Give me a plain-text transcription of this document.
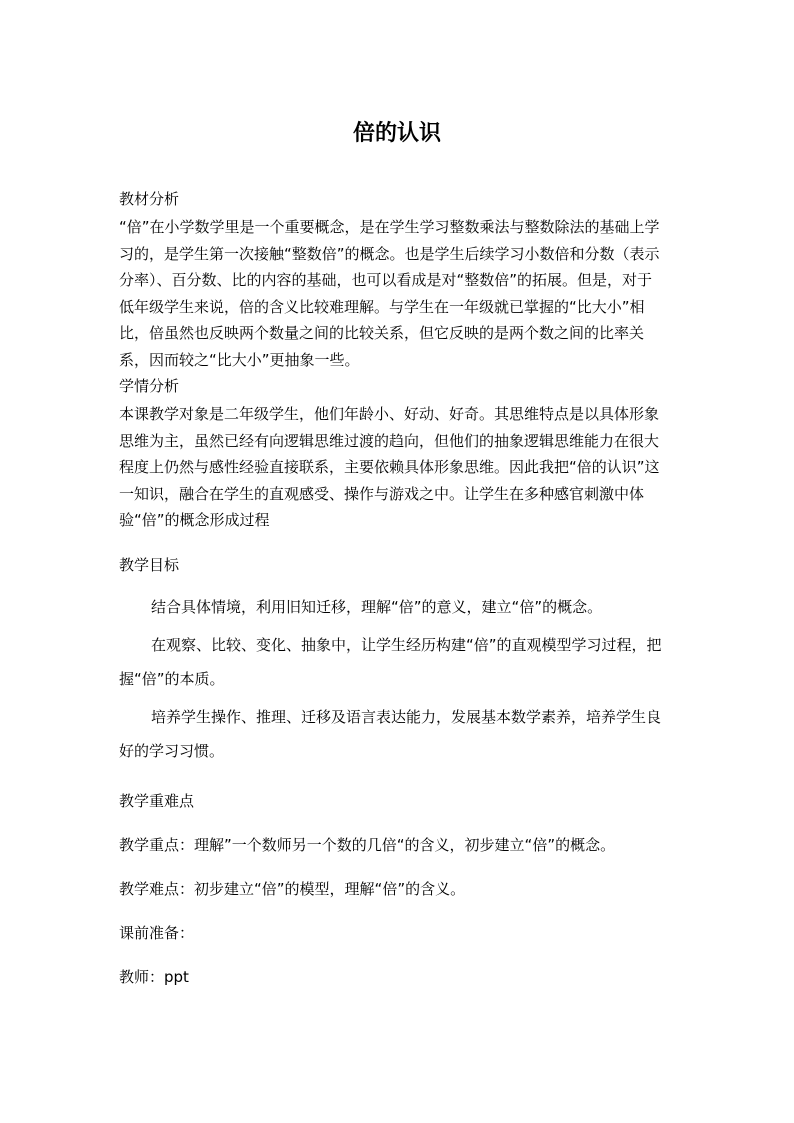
倍的认识
教材分析
“倍”在小学数学里是一个重要概念，是在学生学习整数乘法与整数除法的基础上学习的，是学生第一次接触“整数倍”的概念。也是学生后续学习小数倍和分数（表示分率）、百分数、比的内容的基础，也可以看成是对“整数倍”的拓展。但是，对于低年级学生来说，倍的含义比较难理解。与学生在一年级就已掌握的“比大小”相比，倍虽然也反映两个数量之间的比较关系，但它反映的是两个数之间的比率关系，因而较之“比大小”更抽象一些。
学情分析
本课教学对象是二年级学生，他们年龄小、好动、好奇。其思维特点是以具体形象思维为主，虽然已经有向逻辑思维过渡的趋向，但他们的抽象逻辑思维能力在很大程度上仍然与感性经验直接联系，主要依赖具体形象思维。因此我把“倍的认识”这一知识，融合在学生的直观感受、操作与游戏之中。让学生在多种感官刺激中体验“倍”的概念形成过程
教学目标

结合具体情境，利用旧知迁移，理解“倍”的意义，建立“倍”的概念。

在观察、比较、变化、抽象中，让学生经历构建“倍”的直观模型学习过程，把握“倍”的本质。

培养学生操作、推理、迁移及语言表达能力，发展基本数学素养，培养学生良好的学习习惯。

教学重难点
教学重点：理解”一个数师另一个数的几倍“的含义，初步建立“倍”的概念。
教学难点：初步建立“倍”的模型，理解“倍”的含义。
课前准备：
教师：ppt
